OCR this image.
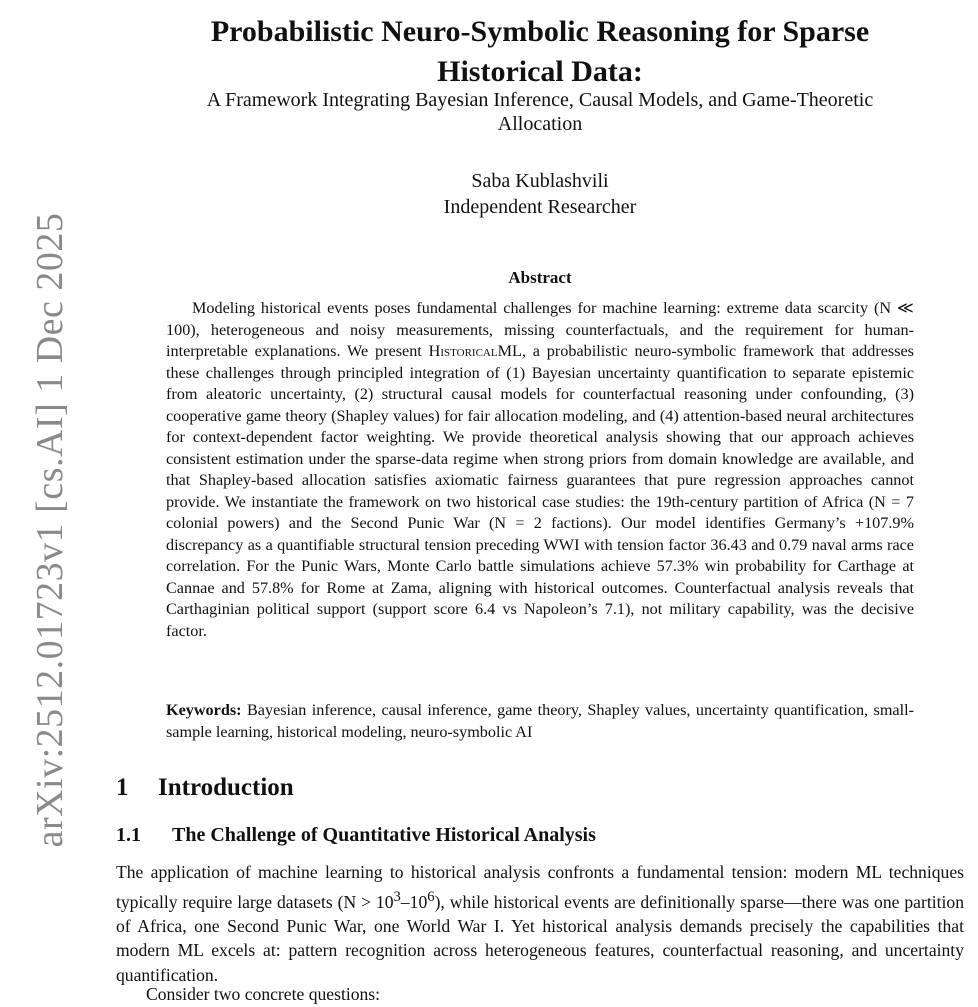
arXiv:2512.01723v1 [cs.AI] 1 Dec 2025
Probabilistic Neuro-Symbolic Reasoning for Sparse
Historical Data:
A Framework Integrating Bayesian Inference, Causal Models, and Game-Theoretic
Allocation
Saba Kublashvili
Independent Researcher
Abstract

Modeling historical events poses fundamental challenges for machine learning: extreme data scarcity (N ≪ 100), heterogeneous and noisy measurements, missing counterfactuals, and the requirement for human-interpretable explanations. We present HistoricalML, a probabilistic neuro-symbolic framework that addresses these challenges through principled integration of (1) Bayesian uncertainty quantification to separate epistemic from aleatoric uncertainty, (2) structural causal models for counterfactual reasoning under confounding, (3) cooperative game theory (Shapley values) for fair allocation modeling, and (4) attention-based neural architectures for context-dependent factor weighting. We provide theoretical analysis showing that our approach achieves consistent estimation under the sparse-data regime when strong priors from domain knowledge are available, and that Shapley-based allocation satisfies axiomatic fairness guarantees that pure regression approaches cannot provide. We instantiate the framework on two historical case studies: the 19th-century partition of Africa (N = 7 colonial powers) and the Second Punic War (N = 2 factions). Our model identifies Germany’s +107.9% discrepancy as a quantifiable structural tension preceding WWI with tension factor 36.43 and 0.79 naval arms race correlation. For the Punic Wars, Monte Carlo battle simulations achieve 57.3% win probability for Carthage at Cannae and 57.8% for Rome at Zama, aligning with historical outcomes. Counterfactual analysis reveals that Carthaginian political support (support score 6.4 vs Napoleon’s 7.1), not military capability, was the decisive factor.

Keywords: Bayesian inference, causal inference, game theory, Shapley values, uncertainty quantification, small-sample learning, historical modeling, neuro-symbolic AI

1 Introduction
1.1 The Challenge of Quantitative Historical Analysis

The application of machine learning to historical analysis confronts a fundamental tension: modern ML techniques typically require large datasets $(N > 10^3-10^6)$, while historical events are definitionally sparse—there was one partition of Africa, one Second Punic War, one World War I. Yet historical analysis demands precisely the capabilities that modern ML excels at: pattern recognition across heterogeneous features, counterfactual reasoning, and uncertainty quantification.

Consider two concrete questions:
